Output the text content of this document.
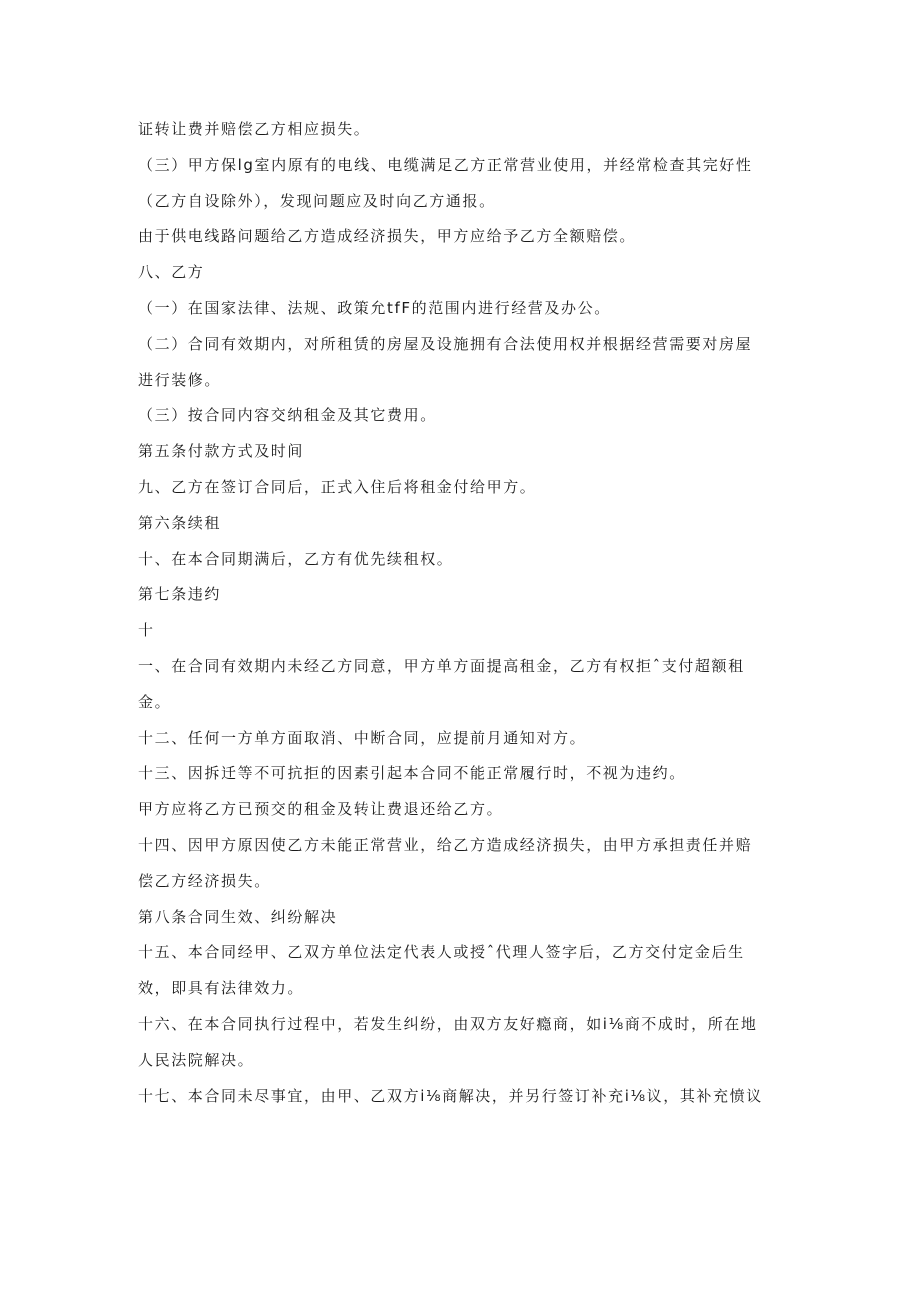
证转让费并赔偿乙方相应损失。
（三）甲方保lg室内原有的电线、电缆满足乙方正常营业使用，并经常检查其完好性
（乙方自设除外），发现问题应及时向乙方通报。
由于供电线路问题给乙方造成经济损失，甲方应给予乙方全额赔偿。
八、乙方
（一）在国家法律、法规、政策允tfF的范围内进行经营及办公。
（二）合同有效期内，对所租赁的房屋及设施拥有合法使用权并根据经营需要对房屋
进行装修。
（三）按合同内容交纳租金及其它费用。
第五条付款方式及时间
九、乙方在签订合同后，正式入住后将租金付给甲方。
第六条续租
十、在本合同期满后，乙方有优先续租权。
第七条违约
十
一、在合同有效期内未经乙方同意，甲方单方面提高租金，乙方有权拒ˆ支付超额租
金。
十二、任何一方单方面取消、中断合同，应提前月通知对方。
十三、因拆迁等不可抗拒的因素引起本合同不能正常履行时，不视为违约。
甲方应将乙方已预交的租金及转让费退还给乙方。
十四、因甲方原因使乙方未能正常营业，给乙方造成经济损失，由甲方承担责任并赔
偿乙方经济损失。
第八条合同生效、纠纷解决
十五、本合同经甲、乙双方单位法定代表人或授ˆ代理人签字后，乙方交付定金后生
效，即具有法律效力。
十六、在本合同执行过程中，若发生纠纷，由双方友好瘾商，如i⅛商不成时，所在地
人民法院解决。
十七、本合同未尽事宜，由甲、乙双方i⅛商解决，并另行签订补充i⅛议，其补充愤议
